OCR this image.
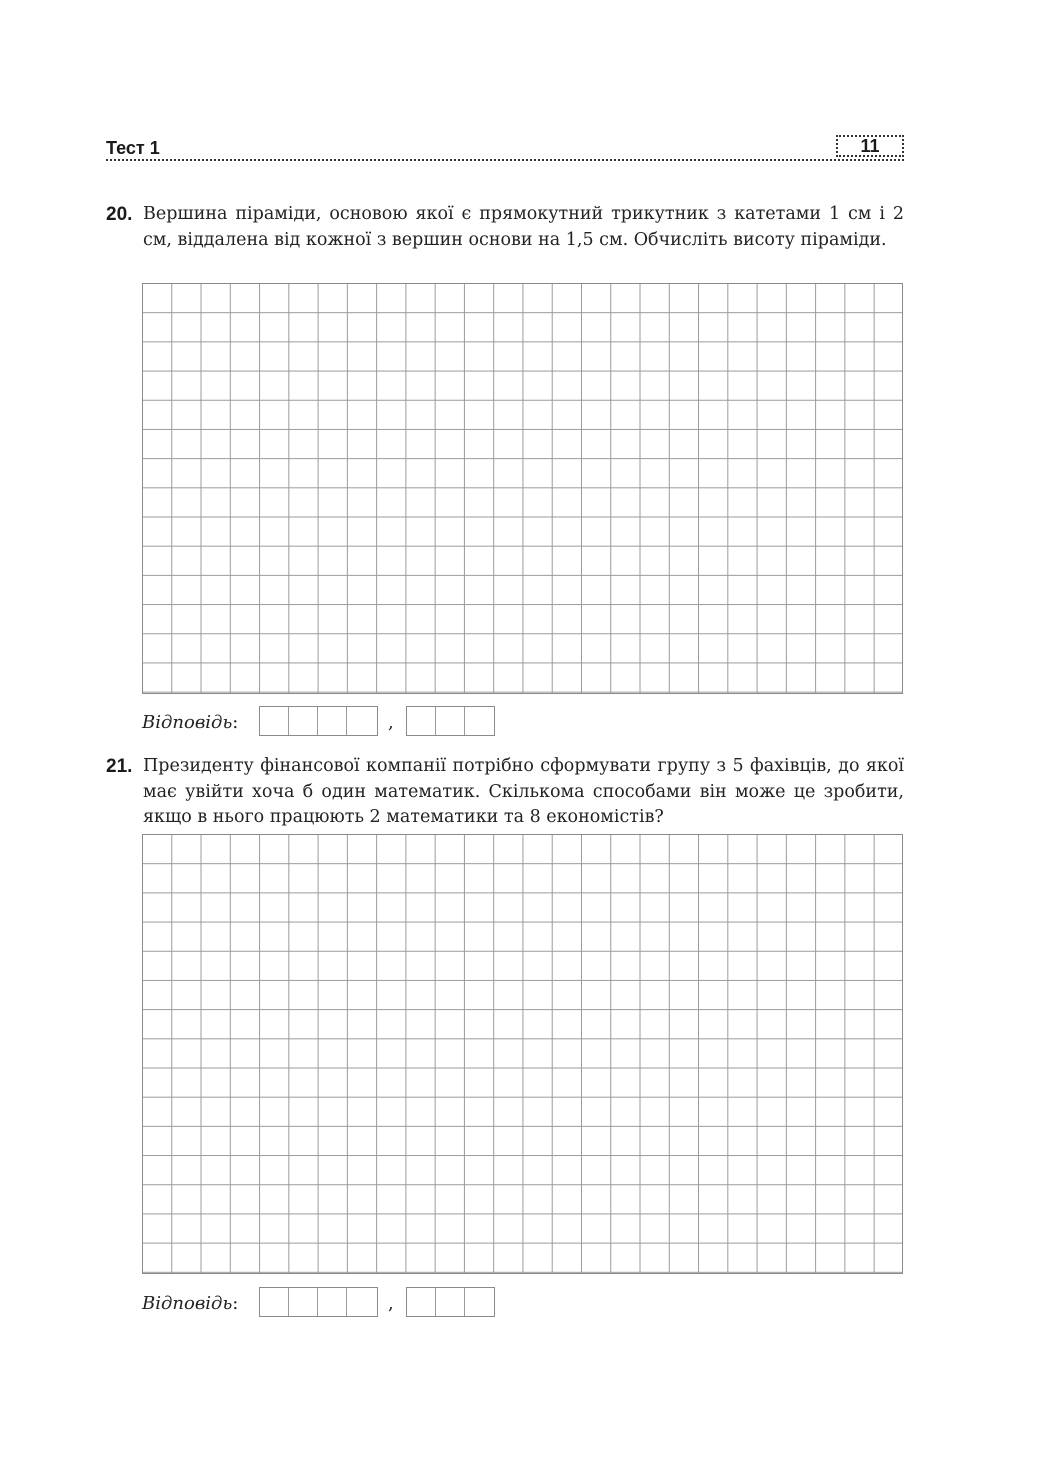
Тест 1	11
20. Вершина піраміди, основою якої є прямокутний трикутник з катетами 1 см і 2 см, віддалена від кожної з вершин основи на 1,5 см. Обчисліть висоту піраміди.
Відповідь:	,
21. Президенту фінансової компанії потрібно сформувати групу з 5 фахівців, до якої має увійти хоча б один математик. Скількома способами він може це зробити, якщо в нього працюють 2 математики та 8 економістів?
Відповідь:	,
